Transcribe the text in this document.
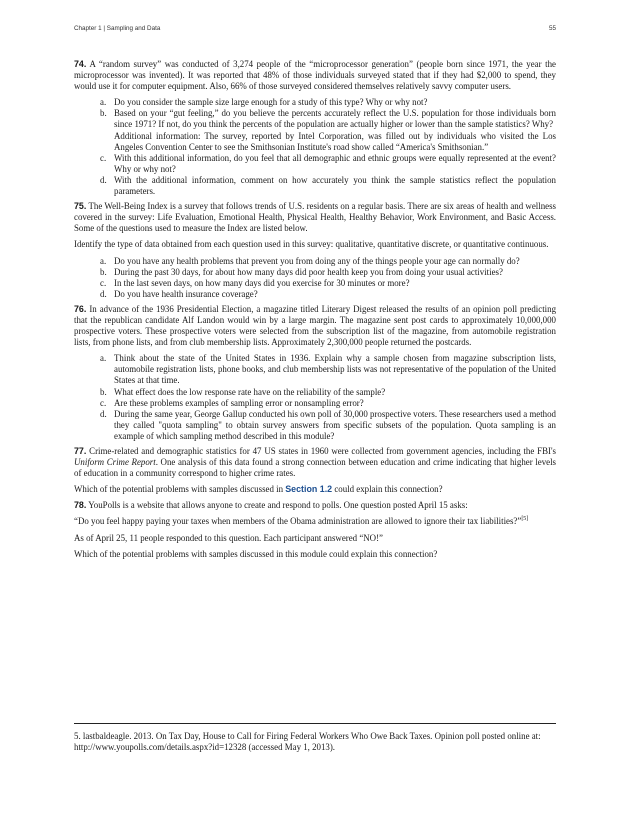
Chapter 1 | Sampling and Data	55

74. A “random survey” was conducted of 3,274 people of the “microprocessor generation” (people born since 1971, the year the microprocessor was invented). It was reported that 48% of those individuals surveyed stated that if they had $2,000 to spend, they would use it for computer equipment. Also, 66% of those surveyed considered themselves relatively savvy computer users.

a. Do you consider the sample size large enough for a study of this type? Why or why not?
b. Based on your “gut feeling,” do you believe the percents accurately reflect the U.S. population for those individuals born since 1971? If not, do you think the percents of the population are actually higher or lower than the sample statistics? Why?
Additional information: The survey, reported by Intel Corporation, was filled out by individuals who visited the Los Angeles Convention Center to see the Smithsonian Institute's road show called “America's Smithsonian.”
c. With this additional information, do you feel that all demographic and ethnic groups were equally represented at the event? Why or why not?
d. With the additional information, comment on how accurately you think the sample statistics reflect the population parameters.

75. The Well-Being Index is a survey that follows trends of U.S. residents on a regular basis. There are six areas of health and wellness covered in the survey: Life Evaluation, Emotional Health, Physical Health, Healthy Behavior, Work Environment, and Basic Access. Some of the questions used to measure the Index are listed below.

Identify the type of data obtained from each question used in this survey: qualitative, quantitative discrete, or quantitative continuous.

a. Do you have any health problems that prevent you from doing any of the things people your age can normally do?
b. During the past 30 days, for about how many days did poor health keep you from doing your usual activities?
c. In the last seven days, on how many days did you exercise for 30 minutes or more?
d. Do you have health insurance coverage?

76. In advance of the 1936 Presidential Election, a magazine titled Literary Digest released the results of an opinion poll predicting that the republican candidate Alf Landon would win by a large margin. The magazine sent post cards to approximately 10,000,000 prospective voters. These prospective voters were selected from the subscription list of the magazine, from automobile registration lists, from phone lists, and from club membership lists. Approximately 2,300,000 people returned the postcards.

a. Think about the state of the United States in 1936. Explain why a sample chosen from magazine subscription lists, automobile registration lists, phone books, and club membership lists was not representative of the population of the United States at that time.
b. What effect does the low response rate have on the reliability of the sample?
c. Are these problems examples of sampling error or nonsampling error?
d. During the same year, George Gallup conducted his own poll of 30,000 prospective voters. These researchers used a method they called "quota sampling" to obtain survey answers from specific subsets of the population. Quota sampling is an example of which sampling method described in this module?

77. Crime-related and demographic statistics for 47 US states in 1960 were collected from government agencies, including the FBI's Uniform Crime Report. One analysis of this data found a strong connection between education and crime indicating that higher levels of education in a community correspond to higher crime rates.

Which of the potential problems with samples discussed in Section 1.2 could explain this connection?

78. YouPolls is a website that allows anyone to create and respond to polls. One question posted April 15 asks:

“Do you feel happy paying your taxes when members of the Obama administration are allowed to ignore their tax liabilities?”[5]

As of April 25, 11 people responded to this question. Each participant answered “NO!”

Which of the potential problems with samples discussed in this module could explain this connection?

5. lastbaldeagle. 2013. On Tax Day, House to Call for Firing Federal Workers Who Owe Back Taxes. Opinion poll posted online at: http://www.youpolls.com/details.aspx?id=12328 (accessed May 1, 2013).
